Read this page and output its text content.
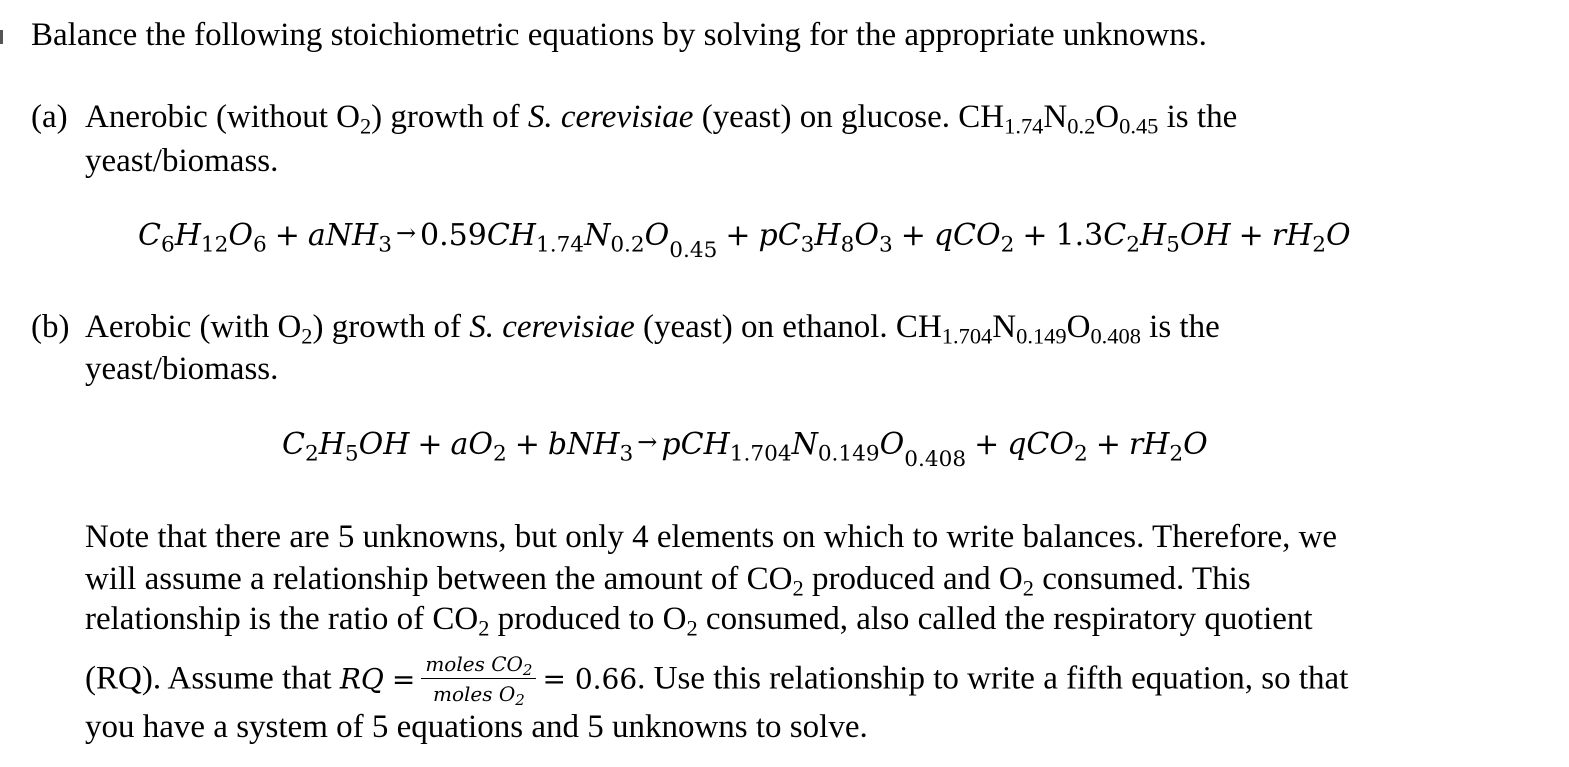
Balance the following stoichiometric equations by solving for the appropriate unknowns.
(a) Anerobic (without $O_2$) growth of S. cerevisiae (yeast) on glucose. $CH_{1.74}N_{0.2}O_{0.45}$ is the
yeast/biomass.
$C_6H_{12}O_6 + aNH_3 \to 0.59CH_{1.74}N_{0.2}O_{0.45} + pC_3H_8O_3 + qCO_2 + 1.3C_2H_5OH + rH_2O$
(b) Aerobic (with $O_2$) growth of S. cerevisiae (yeast) on ethanol. $CH_{1.704}N_{0.149}O_{0.408}$ is the
yeast/biomass.
$C_2H_5OH + aO_2 + bNH_3 \to pCH_{1.704}N_{0.149}O_{0.408} + qCO_2 + rH_2O$
Note that there are 5 unknowns, but only 4 elements on which to write balances. Therefore, we
will assume a relationship between the amount of $CO_2$ produced and $O_2$ consumed. This
relationship is the ratio of $CO_2$ produced to $O_2$ consumed, also called the respiratory quotient
(RQ). Assume that RQ = $\frac{moles CO_2}{moles O_2} = 0.66$. Use this relationship to write a fifth equation, so that
you have a system of 5 equations and 5 unknowns to solve.
